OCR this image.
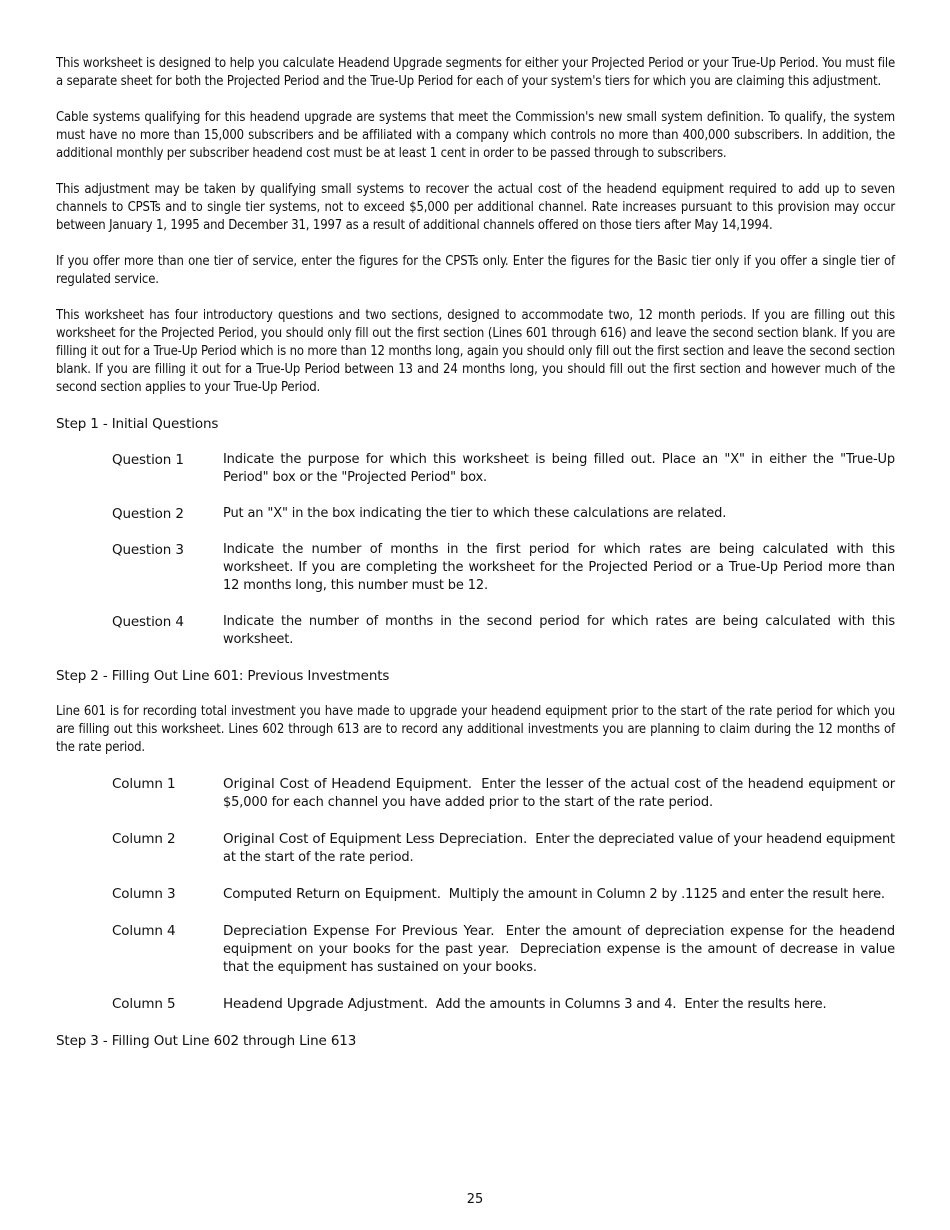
This worksheet is designed to help you calculate Headend Upgrade segments for either your Projected Period or your True-Up Period. You must file a separate sheet for both the Projected Period and the True-Up Period for each of your system's tiers for which you are claiming this adjustment.

Cable systems qualifying for this headend upgrade are systems that meet the Commission's new small system definition. To qualify, the system must have no more than 15,000 subscribers and be affiliated with a company which controls no more than 400,000 subscribers. In addition, the additional monthly per subscriber headend cost must be at least 1 cent in order to be passed through to subscribers.

This adjustment may be taken by qualifying small systems to recover the actual cost of the headend equipment required to add up to seven channels to CPSTs and to single tier systems, not to exceed $5,000 per additional channel. Rate increases pursuant to this provision may occur between January 1, 1995 and December 31, 1997 as a result of additional channels offered on those tiers after May 14,1994.

If you offer more than one tier of service, enter the figures for the CPSTs only. Enter the figures for the Basic tier only if you offer a single tier of regulated service.

This worksheet has four introductory questions and two sections, designed to accommodate two, 12 month periods. If you are filling out this worksheet for the Projected Period, you should only fill out the first section (Lines 601 through 616) and leave the second section blank. If you are filling it out for a True-Up Period which is no more than 12 months long, again you should only fill out the first section and leave the second section blank. If you are filling it out for a True-Up Period between 13 and 24 months long, you should fill out the first section and however much of the second section applies to your True-Up Period.

Step 1 - Initial Questions
Question 1	Indicate the purpose for which this worksheet is being filled out. Place an "X" in either the "True-Up Period" box or the "Projected Period" box.
Question 2	Put an "X" in the box indicating the tier to which these calculations are related.
Question 3	Indicate the number of months in the first period for which rates are being calculated with this worksheet. If you are completing the worksheet for the Projected Period or a True-Up Period more than 12 months long, this number must be 12.
Question 4	Indicate the number of months in the second period for which rates are being calculated with this worksheet.
Step 2 - Filling Out Line 601: Previous Investments

Line 601 is for recording total investment you have made to upgrade your headend equipment prior to the start of the rate period for which you are filling out this worksheet. Lines 602 through 613 are to record any additional investments you are planning to claim during the 12 months of the rate period.

Column 1	Original Cost of Headend Equipment.  Enter the lesser of the actual cost of the headend equipment or $5,000 for each channel you have added prior to the start of the rate period.
Column 2	Original Cost of Equipment Less Depreciation.  Enter the depreciated value of your headend equipment at the start of the rate period.
Column 3	Computed Return on Equipment.  Multiply the amount in Column 2 by .1125 and enter the result here.
Column 4	Depreciation Expense For Previous Year.  Enter the amount of depreciation expense for the headend equipment on your books for the past year.  Depreciation expense is the amount of decrease in value that the equipment has sustained on your books.
Column 5	Headend Upgrade Adjustment.  Add the amounts in Columns 3 and 4.  Enter the results here.
Step 3 - Filling Out Line 602 through Line 613
25
